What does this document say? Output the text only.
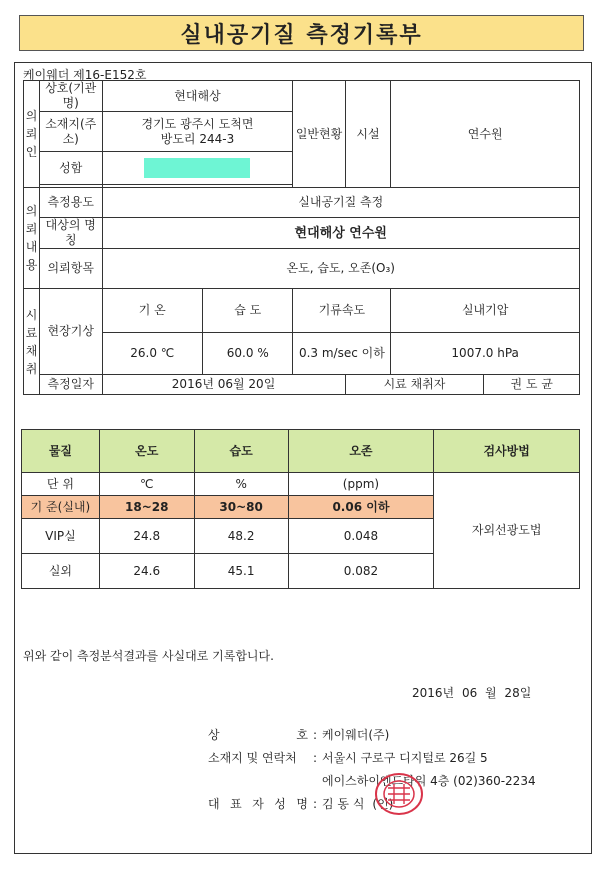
실내공기질 측정기록부
케이웨더 제16-E152호
의
뢰
인	상호(기관명)	현대해상		일반현황	시설	연수원	
	소재지(주소)	경기도 광주시 도척면
방도리 244-3					

	성함						

의
뢰
내
용	측정용도	실내공기질 측정					
	대상의 명칭	현대해상 연수원					
	의뢰항목	온도, 습도, 오존(O₃)					

시
료
채
취	현장기상	기 온	습 도	기류속도		실내기압	
		26.0 ℃	60.0 %	0.3 m/sec 이하		1007.0 hPa	
	측정일자	2016년 06월 20일			시료 채취자		권 도 균
물질	온도	습도	오존	검사방법
단 위	℃	%	(ppm)	자외선광도법
기 준(실내)	18~28	30~80	0.06 이하	
VIP실	24.8	48.2	0.048	
실외	24.6	45.1	0.082	
위와 같이 측정분석결과를 사실대로 기록합니다.
2016년 06 월 28일
상	호 : 케이웨더(주)
소재지 및 연락처	: 서울시 구로구 디지털로 26길 5
에이스하이엔드타워 4층 (02)360-2234
대 표 자 성 명 : 김 동 식 (인)
